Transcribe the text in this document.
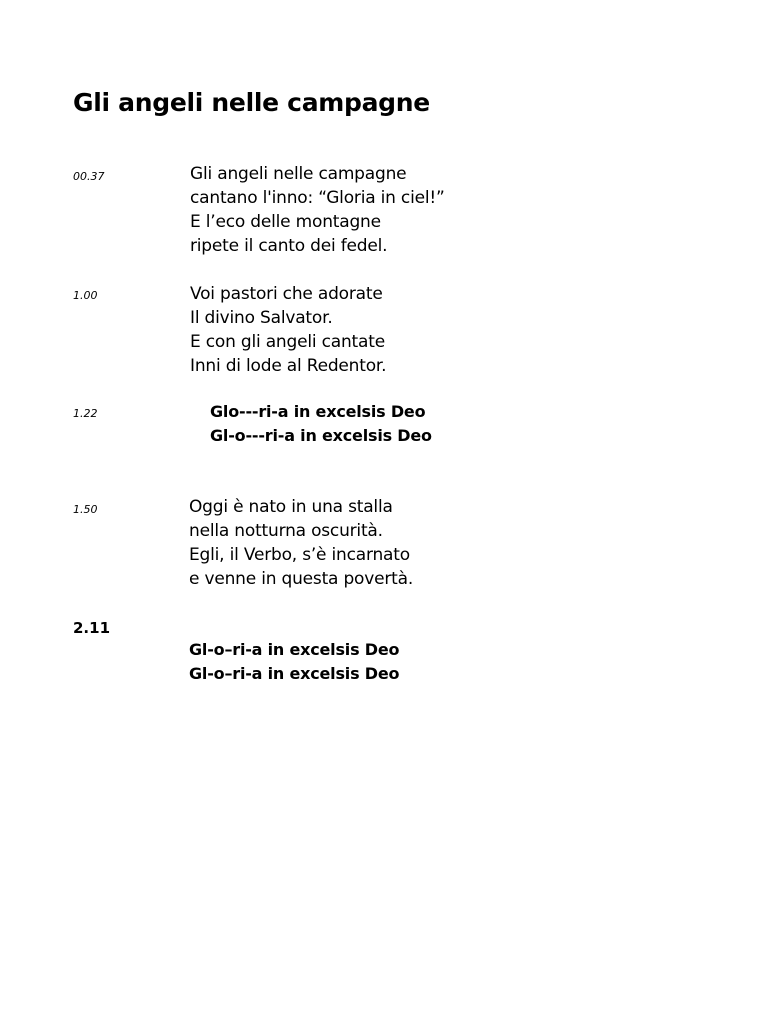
Gli angeli nelle campagne
00.37	Gli angeli nelle campagne
cantano l'inno: “Gloria in ciel!”
E l’eco delle montagne
ripete il canto dei fedel.
1.00	Voi pastori che adorate
Il divino Salvator.
E con gli angeli cantate
Inni di lode al Redentor.
1.22	Glo---ri-a in excelsis Deo
Gl-o---ri-a in excelsis Deo
1.50	Oggi è nato in una stalla
nella notturna oscurità.
Egli, il Verbo, s’è incarnato
e venne in questa povertà.
2.11
Gl-o–ri-a in excelsis Deo
Gl-o–ri-a in excelsis Deo
